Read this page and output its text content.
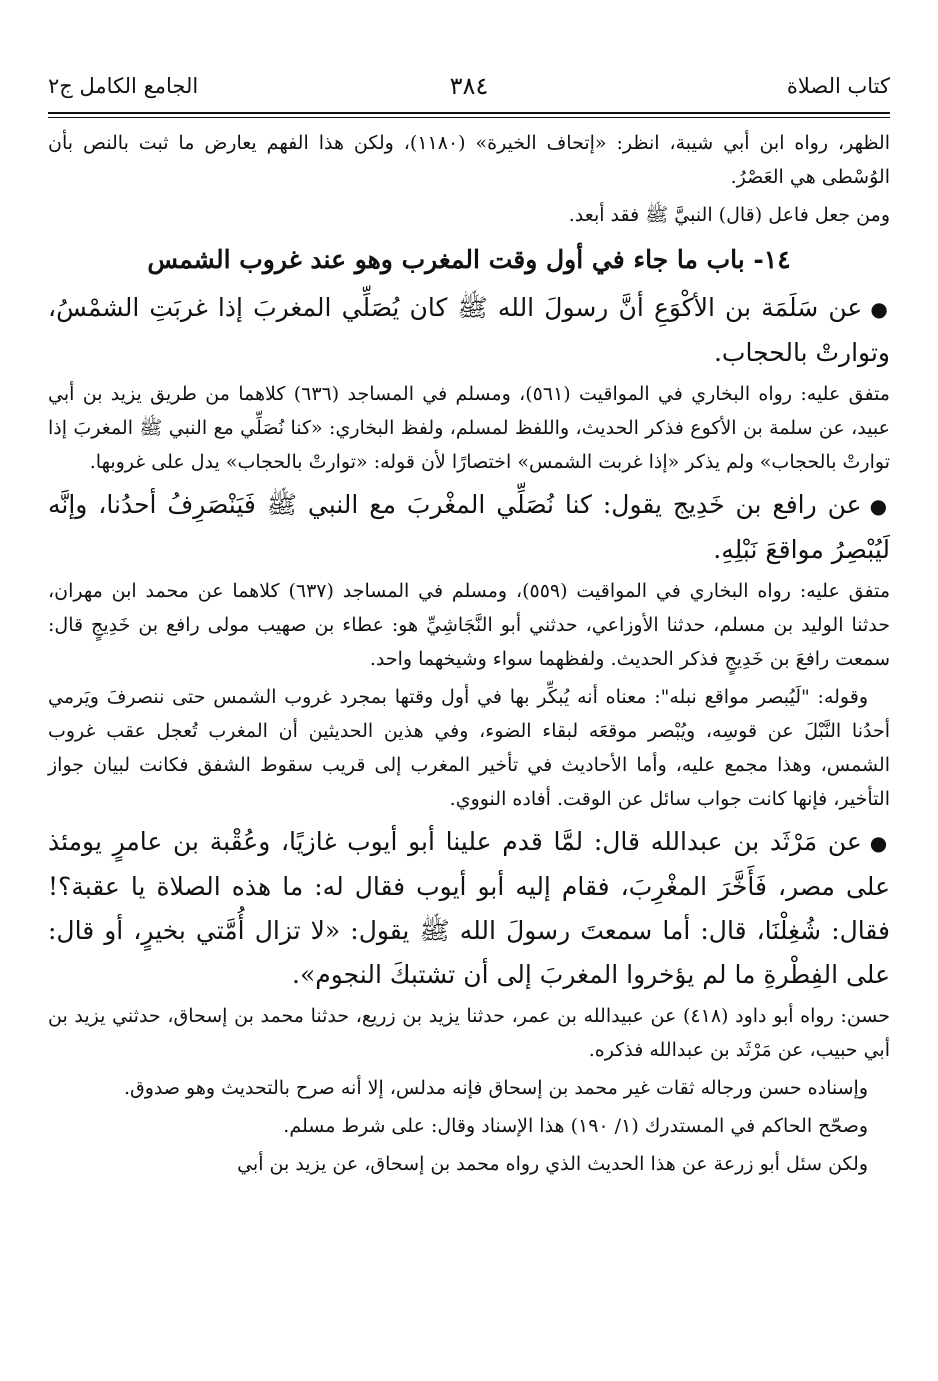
كتاب الصلاة
٣٨٤
الجامع الكامل ج٢

الظهر، رواه ابن أبي شيبة، انظر: «إتحاف الخيرة» (١١٨٠)، ولكن هذا الفهم يعارض ما ثبت بالنص بأن الوُسْطى هي العَصْرُ.

ومن جعل فاعل (قال) النبيَّ ﷺ فقد أبعد.

١٤- باب ما جاء في أول وقت المغرب وهو عند غروب الشمس

●عن سَلَمَة بن الأكْوَعِ أنَّ رسولَ الله ﷺ كان يُصَلِّي المغربَ إذا غربَتِ الشمْسُ، وتوارتْ بالحجاب.

متفق عليه: رواه البخاري في المواقيت (٥٦١)، ومسلم في المساجد (٦٣٦) كلاهما من طريق يزيد بن أبي عبيد، عن سلمة بن الأكوع فذكر الحديث، واللفظ لمسلم، ولفظ البخاري: «كنا نُصَلِّي مع النبي ﷺ المغربَ إذا توارتْ بالحجاب» ولم يذكر «إذا غربت الشمس» اختصارًا لأن قوله: «توارتْ بالحجاب» يدل على غروبها.

●عن رافع بن خَدِيج يقول: كنا نُصَلِّي المغْربَ مع النبي ﷺ فَيَنْصَرِفُ أحدُنا، وإنَّه لَيُبْصِرُ مواقعَ نَبْلِهِ.

متفق عليه: رواه البخاري في المواقيت (٥٥٩)، ومسلم في المساجد (٦٣٧) كلاهما عن محمد ابن مهران، حدثنا الوليد بن مسلم، حدثنا الأوزاعي، حدثني أبو النَّجَاشِيِّ هو: عطاء بن صهيب مولى رافع بن خَدِيجٍ قال: سمعت رافعَ بن خَدِيجٍ فذكر الحديث. ولفظهما سواء وشيخهما واحد.

وقوله: "لَيُبصر مواقع نبله": معناه أنه يُبكِّر بها في أول وقتها بمجرد غروب الشمس حتى ننصرفَ ويَرمي أحدُنا النَّبْلَ عن قوسِه، ويُبْصر موقعَه لبقاء الضوء، وفي هذين الحديثين أن المغرب تُعجل عقب غروب الشمس، وهذا مجمع عليه، وأما الأحاديث في تأخير المغرب إلى قريب سقوط الشفق فكانت لبيان جواز التأخير، فإنها كانت جواب سائل عن الوقت. أفاده النووي.

●عن مَرْثَد بن عبدالله قال: لمَّا قدم علينا أبو أيوب غازيًا، وعُقْبة بن عامرٍ يومئذ على مصر، فَأَخَّرَ المغْرِبَ، فقام إليه أبو أيوب فقال له: ما هذه الصلاة يا عقبة؟! فقال: شُغِلْنَا، قال: أما سمعتَ رسولَ الله ﷺ يقول: «لا تزال أُمَّتي بخيرٍ، أو قال: على الفِطْرةِ ما لم يؤخروا المغربَ إلى أن تشتبكَ النجوم».

حسن: رواه أبو داود (٤١٨) عن عبيدالله بن عمر، حدثنا يزيد بن زريع، حدثنا محمد بن إسحاق، حدثني يزيد بن أبي حبيب، عن مَرْثَد بن عبدالله فذكره.

وإسناده حسن ورجاله ثقات غير محمد بن إسحاق فإنه مدلس، إلا أنه صرح بالتحديث وهو صدوق.

وصحّح الحاكم في المستدرك (١/ ١٩٠) هذا الإسناد وقال: على شرط مسلم.

ولكن سئل أبو زرعة عن هذا الحديث الذي رواه محمد بن إسحاق، عن يزيد بن أبي
